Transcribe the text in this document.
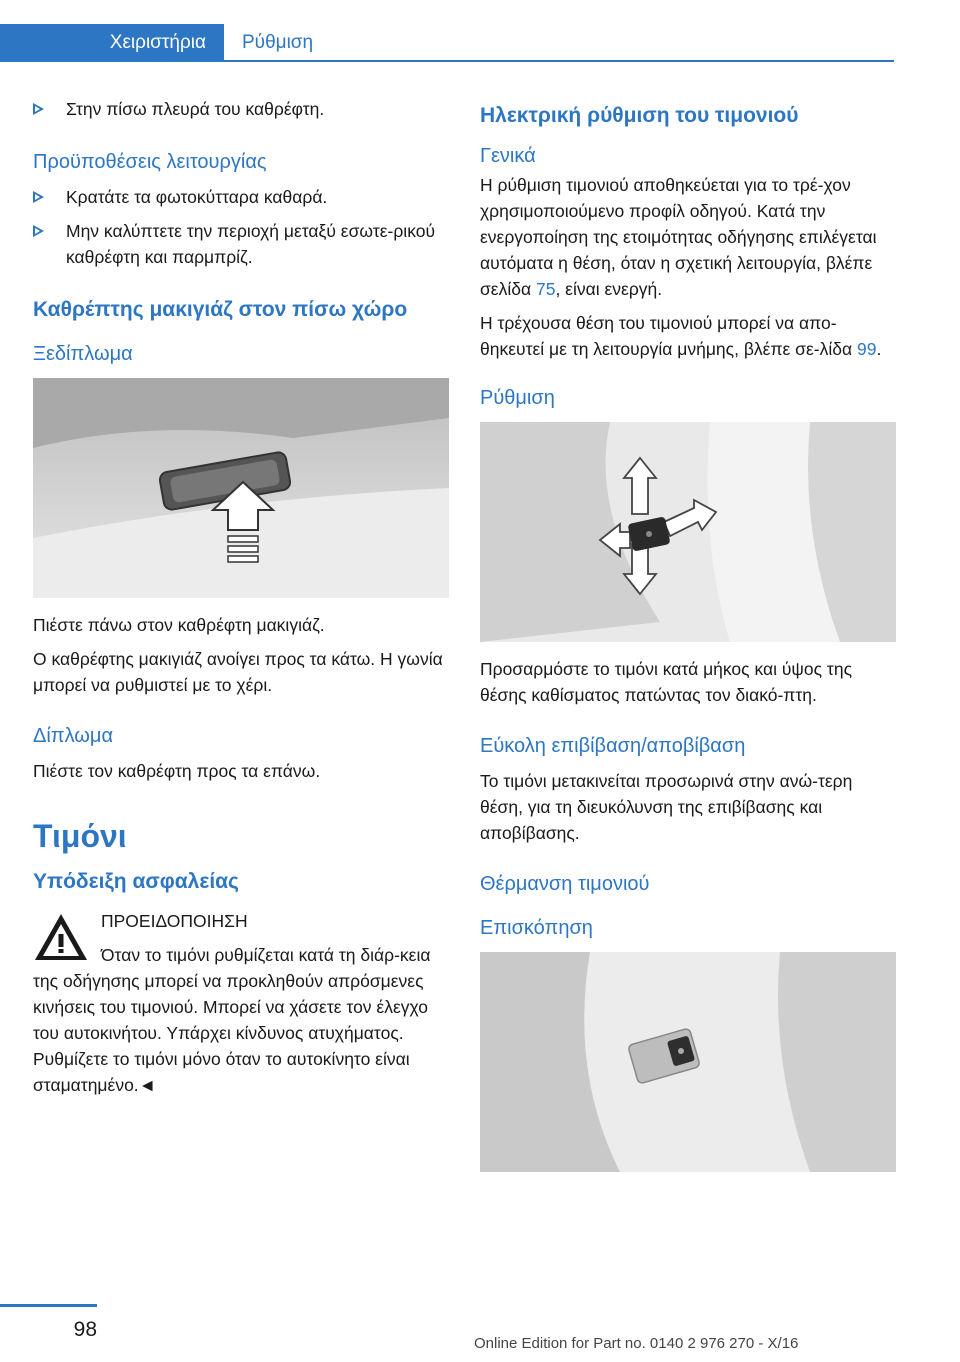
Χειριστήρια	Ρύθμιση
Στην πίσω πλευρά του καθρέφτη.
Προϋποθέσεις λειτουργίας
Κρατάτε τα φωτοκύτταρα καθαρά.
Μην καλύπτετε την περιοχή μεταξύ εσωτε-ρικού καθρέφτη και παρμπρίζ.
Καθρέπτης μακιγιάζ στον πίσω χώρο
Ξεδίπλωμα

Πιέστε πάνω στον καθρέφτη μακιγιάζ.

Ο καθρέφτης μακιγιάζ ανοίγει προς τα κάτω. Η γωνία μπορεί να ρυθμιστεί με το χέρι.

Δίπλωμα

Πιέστε τον καθρέφτη προς τα επάνω.

Τιμόνι
Υπόδειξη ασφαλείας
ΠΡΟΕΙΔΟΠΟΙΗΣΗ

Όταν το τιμόνι ρυθμίζεται κατά τη διάρ-κεια της οδήγησης μπορεί να προκληθούν απρόσμενες κινήσεις του τιμονιού. Μπορεί να χάσετε τον έλεγχο του αυτοκινήτου. Υπάρχει κίνδυνος ατυχήματος. Ρυθμίζετε το τιμόνι μόνο όταν το αυτοκίνητο είναι σταματημένο.◄

Ηλεκτρική ρύθμιση του τιμονιού
Γενικά

Η ρύθμιση τιμονιού αποθηκεύεται για το τρέ-χον χρησιμοποιούμενο προφίλ οδηγού. Κατά την ενεργοποίηση της ετοιμότητας οδήγησης επιλέγεται αυτόματα η θέση, όταν η σχετική λειτουργία, βλέπε σελίδα 75, είναι ενεργή.

Η τρέχουσα θέση του τιμονιού μπορεί να απο-θηκευτεί με τη λειτουργία μνήμης, βλέπε σε-λίδα 99.

Ρύθμιση

Προσαρμόστε το τιμόνι κατά μήκος και ύψος της θέσης καθίσματος πατώντας τον διακό-πτη.

Εύκολη επιβίβαση/αποβίβαση

Το τιμόνι μετακινείται προσωρινά στην ανώ-τερη θέση, για τη διευκόλυνση της επιβίβασης και αποβίβασης.

Θέρμανση τιμονιού
Επισκόπηση
98
Online Edition for Part no. 0140 2 976 270 - X/16
